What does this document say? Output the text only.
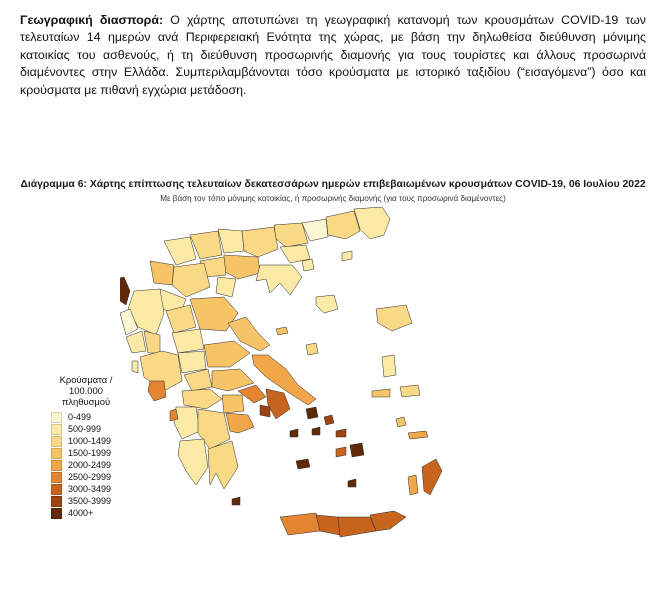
Γεωγραφική διασπορά: Ο χάρτης αποτυπώνει τη γεωγραφική κατανομή των κρουσμάτων COVID-19 των τελευταίων 14 ημερών ανά Περιφερειακή Ενότητα της χώρας, με βάση την δηλωθείσα διεύθυνση μόνιμης κατοικίας του ασθενούς, ή τη διεύθυνση προσωρινής διαμονής για τους τουρίστες και άλλους προσωρινά διαμένοντες στην Ελλάδα. Συμπεριλαμβάνονται τόσο κρούσματα με ιστορικό ταξιδίου (“εισαγόμενα”) όσο και κρούσματα με πιθανή εγχώρια μετάδοση.
Διάγραμμα 6: Χάρτης επίπτωσης τελευταίων δεκατεσσάρων ημερών επιβεβαιωμένων κρουσμάτων COVID-19, 06 Ιουλίου 2022
Με βάση τον τόπο μόνιμης κατοικίας, ή προσωρινής διαμονής (για τους προσωρινά διαμένοντες)
Κρούσματα /
100.000 πληθυσμού
0-499
500-999
1000-1499
1500-1999
2000-2499
2500-2999
3000-3499
3500-3999
4000+
